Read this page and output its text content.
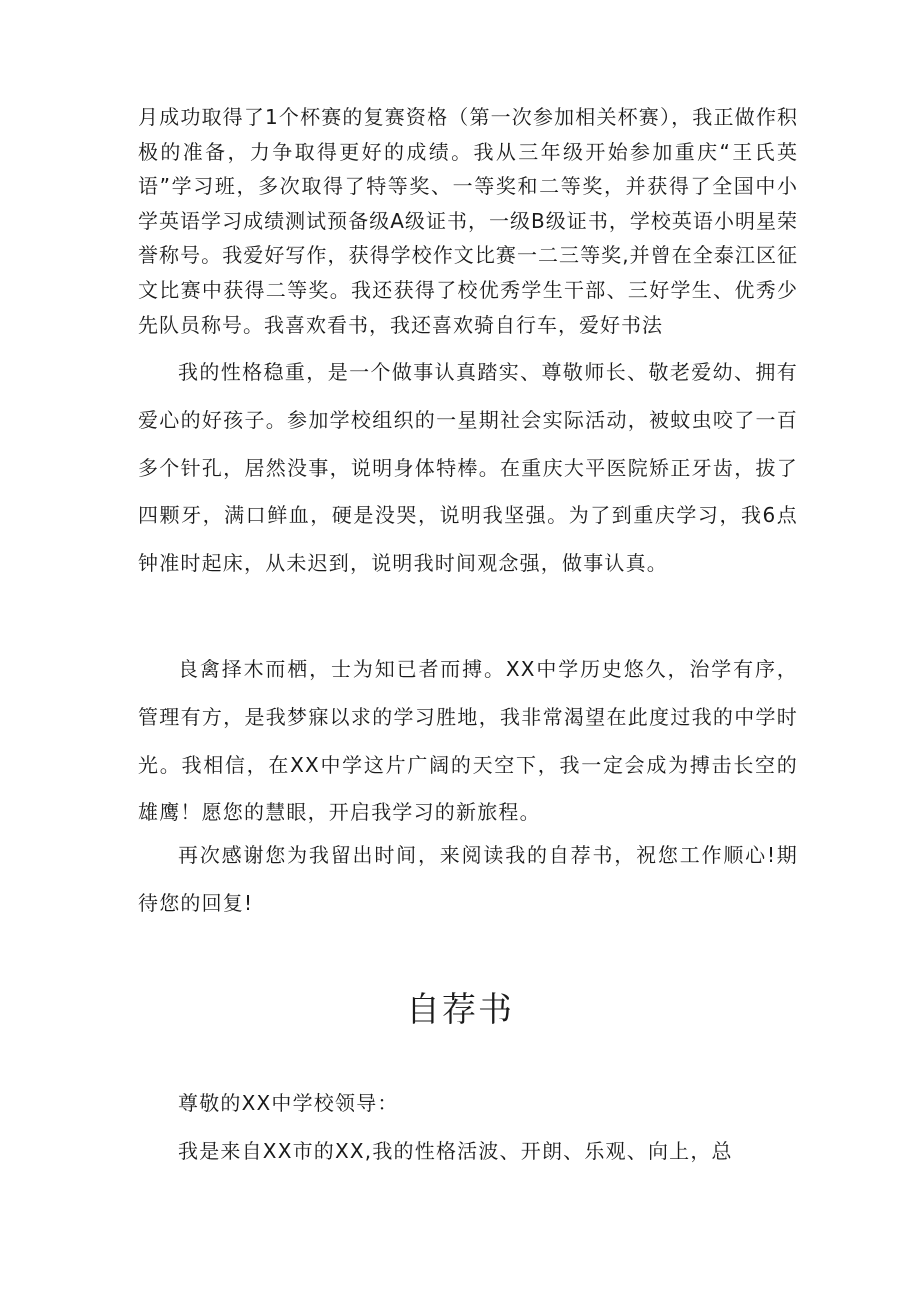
月成功取得了1个杯赛的复赛资格（第一次参加相关杯赛），我正做作积极的准备，力争取得更好的成绩。我从三年级开始参加重庆“王氏英语”学习班，多次取得了特等奖、一等奖和二等奖，并获得了全国中小学英语学习成绩测试预备级A级证书，一级B级证书，学校英语小明星荣誉称号。我爱好写作，获得学校作文比赛一二三等奖,并曾在全泰江区征文比赛中获得二等奖。我还获得了校优秀学生干部、三好学生、优秀少先队员称号。我喜欢看书，我还喜欢骑自行车，爱好书法

我的性格稳重，是一个做事认真踏实、尊敬师长、敬老爱幼、拥有爱心的好孩子。参加学校组织的一星期社会实际活动，被蚊虫咬了一百多个针孔，居然没事，说明身体特棒。在重庆大平医院矫正牙齿，拔了四颗牙，满口鲜血，硬是没哭，说明我坚强。为了到重庆学习，我6点钟准时起床，从未迟到，说明我时间观念强，做事认真。

良禽择木而栖，士为知已者而搏。XX中学历史悠久，治学有序，管理有方，是我梦寐以求的学习胜地，我非常渴望在此度过我的中学时光。我相信，在XX中学这片广阔的天空下，我一定会成为搏击长空的雄鹰！愿您的慧眼，开启我学习的新旅程。

再次感谢您为我留出时间，来阅读我的自荐书，祝您工作顺心!期待您的回复!

自荐书

尊敬的XX中学校领导：

我是来自XX市的XX,我的性格活波、开朗、乐观、向上，总
